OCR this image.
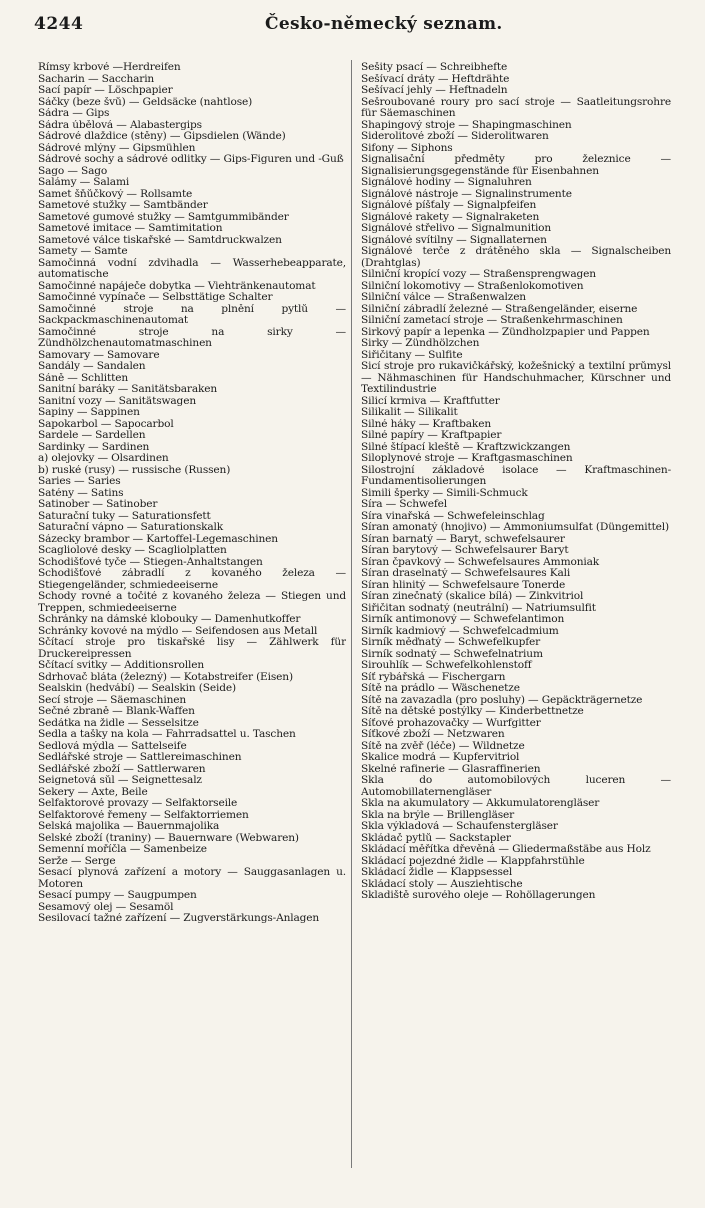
4244	Česko-německý seznam.
Římsy krbové —Herdreifen
Sacharin — Saccharin
Sací papír — Löschpapier
Sáčky (beze švů) — Geldsäcke (nahtlose)
Sádra — Gips
Sádra úbělová — Alabastergips
Sádrové dlaždice (stěny) — Gipsdielen (Wände)
Sádrové mlýny — Gipsmühlen
Sádrové sochy a sádrové odlitky — Gips-Figuren und -Guß
Sago — Sago
Salámy — Salami
Samet šňůčkový — Rollsamte
Sametové stužky — Samtbänder
Sametové gumové stužky — Samtgummibänder
Sametové imitace — Samtimitation
Sametové válce tiskařské — Samtdruckwalzen
Samety — Samte
Samočinná vodní zdvihadla — Wasserhebeapparate, automatische
Samočinné napáječe dobytka — Viehtränkenautomat
Samočinné vypínače — Selbsttätige Schalter
Samočinné stroje na plnění pytlů — Sackpackmaschinenautomat
Samočinné stroje na sirky — Zündhölzchenautomatmaschinen
Samovary — Samovare
Sandály — Sandalen
Sáně — Schlitten
Sanitní baráky — Sanitätsbaraken
Sanitní vozy — Sanitätswagen
Sapiny — Sappinen
Sapokarbol — Sapocarbol
Sardele — Sardellen
Sardinky — Sardinen
a) olejovky — Ölsardinen
b) ruské (rusy) — russische (Russen)
Saries — Saries
Satény — Satins
Satinober — Satinober
Saturační tuky — Saturationsfett
Saturační vápno — Saturationskalk
Sázecky brambor — Kartoffel-Legemaschinen
Scagliolové desky — Scagliolplatten
Schodišťové tyče — Stiegen-Anhaltstangen
Schodišťové zábradlí z kovaného železa — Stiegengeländer, schmiedeeiserne
Schody rovné a točité z kovaného železa — Stiegen und Treppen, schmiedeeiserne
Schránky na dámské klobouky — Damenhutkoffer
Schránky kovové na mýdlo — Seifendosen aus Metall
Sčítací stroje pro tiskařské lisy — Zählwerk für Druckereipressen
Sčítací svitky — Additionsrollen
Sdrhovač bláta (železný) — Kotabstreifer (Eisen)
Sealskin (hedvábí) — Sealskin (Seide)
Secí stroje — Säemaschinen
Sečné zbraně — Blank-Waffen
Sedátka na židle — Sesselsitze
Sedla a tašky na kola — Fahrradsattel u. Taschen
Sedlová mýdla — Sattelseife
Sedlářské stroje — Sattlereimaschinen
Sedlářské zboží — Sattlerwaren
Seignetová sůl — Seignettesalz
Sekery — Äxte, Beile
Selfaktorové provazy — Selfaktorseile
Selfaktorové řemeny — Selfaktorriemen
Selská majolika — Bauernmajolika
Selské zboží (traniny) — Bauernware (Webwaren)
Semenní moříčla — Samenbeize
Serže — Serge
Sesací plynová zařízení a motory — Sauggasanlagen u. Motoren
Sesací pumpy — Saugpumpen
Sesamový olej — Sesamöl
Sesilovací tažné zařízení — Zugverstärkungs-Anlagen
Sešity psací — Schreibhefte
Sešívací dráty — Heftdrähte
Sešívací jehly — Heftnadeln
Sešroubované roury pro sací stroje — Saatleitungsrohre für Säemaschinen
Shapingový stroje — Shapingmaschinen
Siderolitové zboží — Siderolitwaren
Sifony — Siphons
Signalisační předměty pro železnice — Signalisierungsgegenstände für Eisenbahnen
Signálové hodiny — Signaluhren
Signálové nástroje — Signalinstrumente
Signálové píšťaly — Signalpfeifen
Signálové rakety — Signalraketen
Signálové střelivo — Signalmunition
Signálové svítilny — Signallaternen
Signálové terče z drátěného skla — Signalscheiben (Drahtglas)
Silniční kropící vozy — Straßensprengwagen
Silniční lokomotivy — Straßenlokomotiven
Silniční válce — Straßenwalzen
Silniční zábradlí železné — Straßengeländer, eiserne
Silniční zametací stroje — Straßenkehrmaschinen
Sirkový papír a lepenka — Zündholzpapier und Pappen
Sirky — Zündhölzchen
Siřičitany — Sulfite
Šicí stroje pro rukavičkářský, kožešnický a textilní průmysl — Nähmaschinen für Handschuhmacher, Kürschner und Textilindustrie
Silicí krmiva — Kraftfutter
Silikalit — Silikalit
Silné háky — Kraftbaken
Silné papíry — Kraftpapier
Silné štípací kleště — Kraftzwickzangen
Siloplynové stroje — Kraftgasmaschinen
Silostrojní základové isolace — Kraftmaschinen-Fundamentisolierungen
Simili šperky — Simili-Schmuck
Síra — Schwefel
Síra vinařská — Schwefeleinschlag
Síran amonatý (hnojivo) — Ammoniumsulfat (Düngemittel)
Síran barnatý — Baryt, schwefelsaurer
Síran barytový — Schwefelsaurer Baryt
Síran čpavkový — Schwefelsaures Ammoniak
Síran draselnatý — Schwefelsaures Kali
Síran hlinitý — Schwefelsaure Tonerde
Síran zinečnatý (skalice bílá) — Zinkvitriol
Siřičitan sodnatý (neutrální) — Natriumsulfit
Sirník antimonový — Schwefelantimon
Sirník kadmiový — Schwefelcadmium
Sirník měďnatý — Schwefelkupfer
Sirník sodnatý — Schwefelnatrium
Sirouhlík — Schwefelkohlenstoff
Síť rybářská — Fischergarn
Sítě na prádlo — Wäschenetze
Sítě na zavazadla (pro posluhy) — Gepäckträgernetze
Sítě na dětské postýlky — Kinderbettnetze
Síťové prohazovačky — Wurfgitter
Síťkové zboží — Netzwaren
Sítě na zvěř (léče) — Wildnetze
Skalice modrá — Kupfervitriol
Skelné rafinerie — Glasraffinerien
Skla do automobilových luceren — Automobillaternengläser
Skla na akumulatory — Akkumulatorengläser
Skla na brýle — Brillengläser
Skla výkladová — Schaufenstergläser
Skládač pytlů — Sackstapler
Skládací měřítka dřevěná — Gliedermaßstäbe aus Holz
Skládací pojezdné židle — Klappfahrstühle
Skládací židle — Klappsessel
Skládací stoly — Ausziehtische
Skladiště surového oleje — Rohöllagerungen
